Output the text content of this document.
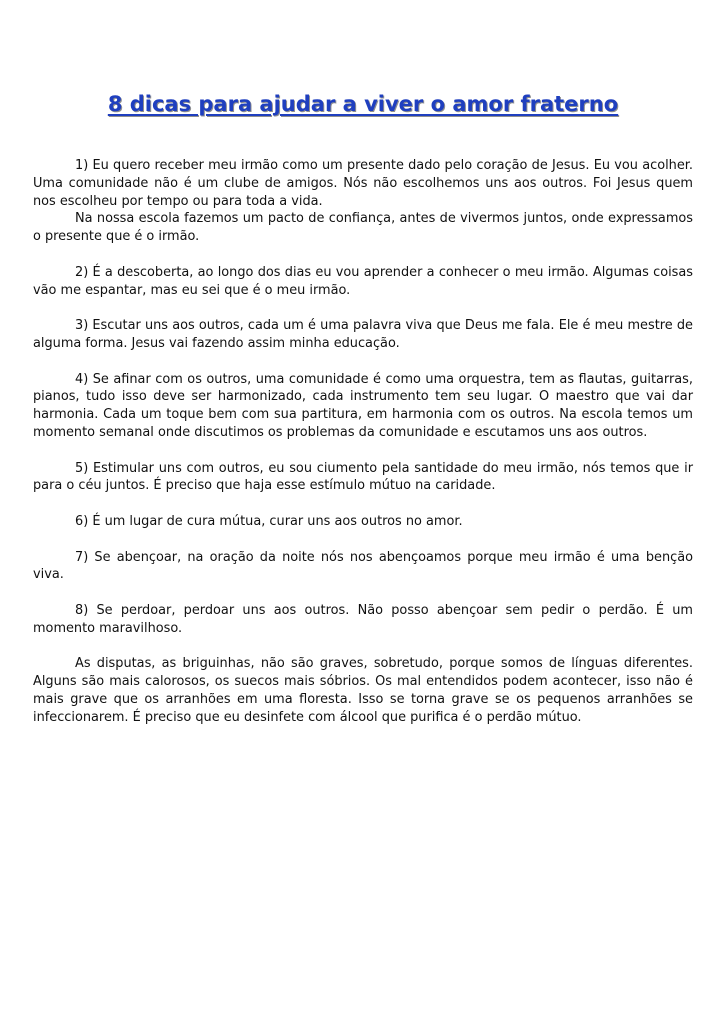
8 dicas para ajudar a viver o amor fraterno

1) Eu quero receber meu irmão como um presente dado pelo coração de Jesus. Eu vou acolher. Uma comunidade não é um clube de amigos. Nós não escolhemos uns aos outros. Foi Jesus quem nos escolheu por tempo ou para toda a vida.

Na nossa escola fazemos um pacto de confiança, antes de vivermos juntos, onde expressamos o presente que é o irmão.

2) É a descoberta, ao longo dos dias eu vou aprender a conhecer o meu irmão. Algumas coisas vão me espantar, mas eu sei que é o meu irmão.

3) Escutar uns aos outros, cada um é uma palavra viva que Deus me fala. Ele é meu mestre de alguma forma. Jesus vai fazendo assim minha educação.

4) Se afinar com os outros, uma comunidade é como uma orquestra, tem as flautas, guitarras, pianos, tudo isso deve ser harmonizado, cada instrumento tem seu lugar. O maestro que vai dar harmonia. Cada um toque bem com sua partitura, em harmonia com os outros. Na escola temos um momento semanal onde discutimos os problemas da comunidade e escutamos uns aos outros.

5) Estimular uns com outros, eu sou ciumento pela santidade do meu irmão, nós temos que ir para o céu juntos. É preciso que haja esse estímulo mútuo na caridade.

6) É um lugar de cura mútua, curar uns aos outros no amor.

7) Se abençoar, na oração da noite nós nos abençoamos porque meu irmão é uma benção viva.

8) Se perdoar, perdoar uns aos outros. Não posso abençoar sem pedir o perdão. É um momento maravilhoso.

As disputas, as briguinhas, não são graves, sobretudo, porque somos de línguas diferentes. Alguns são mais calorosos, os suecos mais sóbrios. Os mal entendidos podem acontecer, isso não é mais grave que os arranhões em uma floresta. Isso se torna grave se os pequenos arranhões se infeccionarem. É preciso que eu desinfete com álcool que purifica é o perdão mútuo.
